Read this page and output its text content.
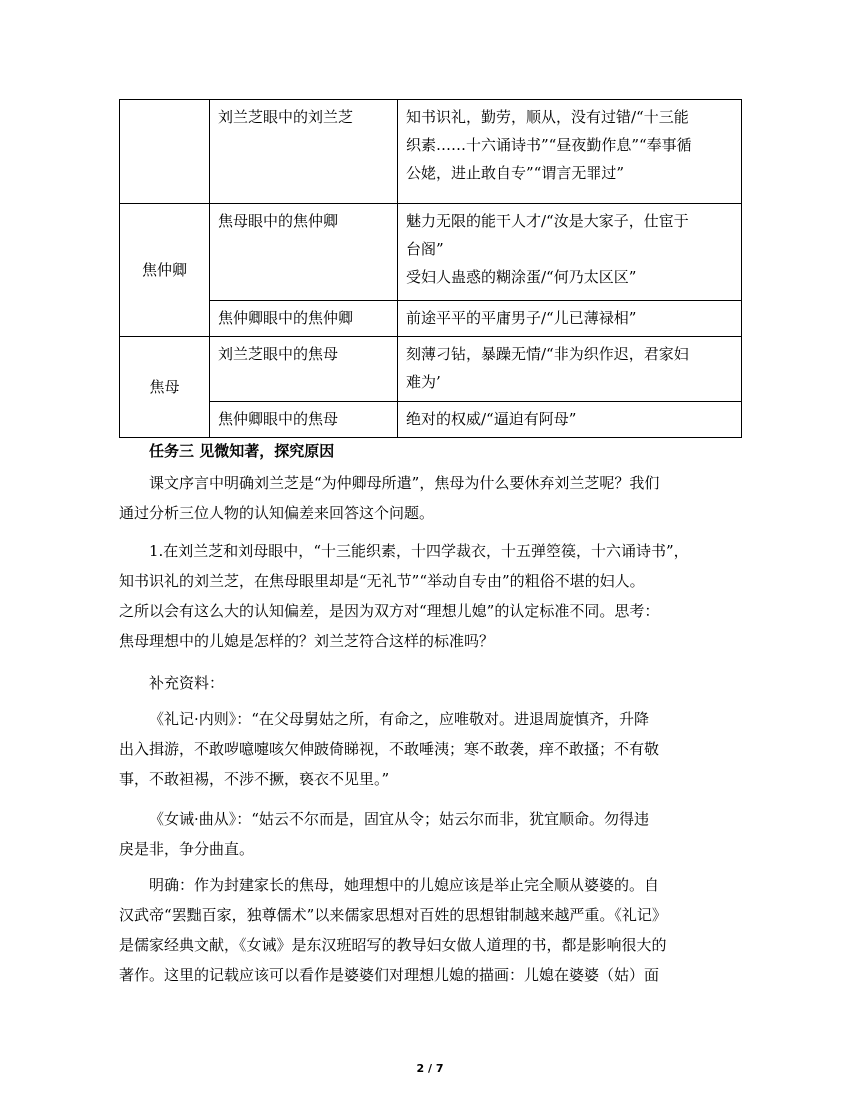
	刘兰芝眼中的刘兰芝	知书识礼，勤劳，顺从，没有过错/“十三能
织素……十六诵诗书”“昼夜勤作息”“奉事循
公姥，进止敢自专”“谓言无罪过”

焦仲卿	焦母眼中的焦仲卿	魅力无限的能干人才/“汝是大家子，仕宦于
台阁”
受妇人蛊惑的糊涂蛋/“何乃太区区”

	焦仲卿眼中的焦仲卿	前途平平的平庸男子/“儿已薄禄相”

焦母	刘兰芝眼中的焦母	刻薄刁钻，暴躁无情/“非为织作迟，君家妇
难为’

	焦仲卿眼中的焦母	绝对的权威/“逼迫有阿母”

任务三 见微知著，探究原因

课文序言中明确刘兰芝是“为仲卿母所遣”，焦母为什么要休弃刘兰芝呢？我们
通过分析三位人物的认知偏差来回答这个问题。

1.在刘兰芝和刘母眼中，“十三能织素，十四学裁衣，十五弹箜篌，十六诵诗书”，
知书识礼的刘兰芝，在焦母眼里却是“无礼节”“举动自专由”的粗俗不堪的妇人。
之所以会有这么大的认知偏差，是因为双方对“理想儿媳”的认定标准不同。思考：
焦母理想中的儿媳是怎样的？刘兰芝符合这样的标准吗？

补充资料：

《礼记·内则》：“在父母舅姑之所，有命之，应唯敬对。进退周旋慎齐，升降
出入揖游，不敢哕噫嚏咳欠伸跛倚睇视，不敢唾洟；寒不敢袭，痒不敢搔；不有敬
事，不敢袒裼，不涉不撅，亵衣不见里。”

《女诫·曲从》：“姑云不尔而是，固宜从令；姑云尔而非，犹宜顺命。勿得违
戾是非，争分曲直。

明确：作为封建家长的焦母，她理想中的儿媳应该是举止完全顺从婆婆的。自
汉武帝“罢黜百家，独尊儒术”以来儒家思想对百姓的思想钳制越来越严重。《礼记》
是儒家经典文献，《女诫》是东汉班昭写的教导妇女做人道理的书，都是影响很大的
著作。这里的记载应该可以看作是婆婆们对理想儿媳的描画：儿媳在婆婆（姑）面

2 / 7
